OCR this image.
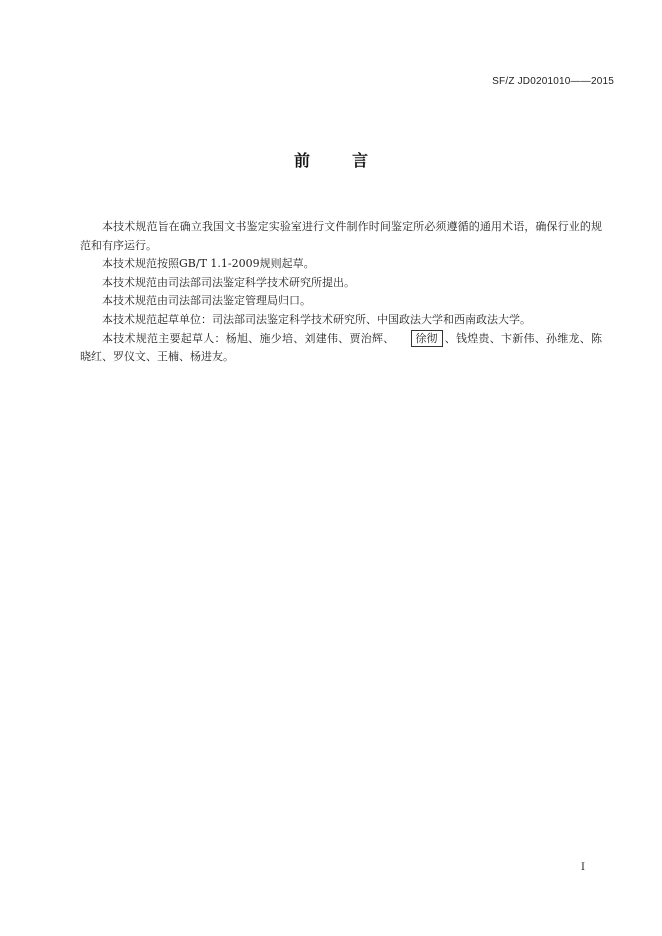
SF/Z JD0201010——2015
前	言

本技术规范旨在确立我国文书鉴定实验室进行文件制作时间鉴定所必须遵循的通用术语，确保行业的规范和有序运行。

本技术规范按照GB/T 1.1-2009规则起草。

本技术规范由司法部司法鉴定科学技术研究所提出。

本技术规范由司法部司法鉴定管理局归口。

本技术规范起草单位：司法部司法鉴定科学技术研究所、中国政法大学和西南政法大学。

本技术规范主要起草人：杨旭、施少培、刘建伟、贾治辉、 徐彻 、钱煌贵、卞新伟、孙维龙、陈晓红、罗仪文、王楠、杨进友。

I
